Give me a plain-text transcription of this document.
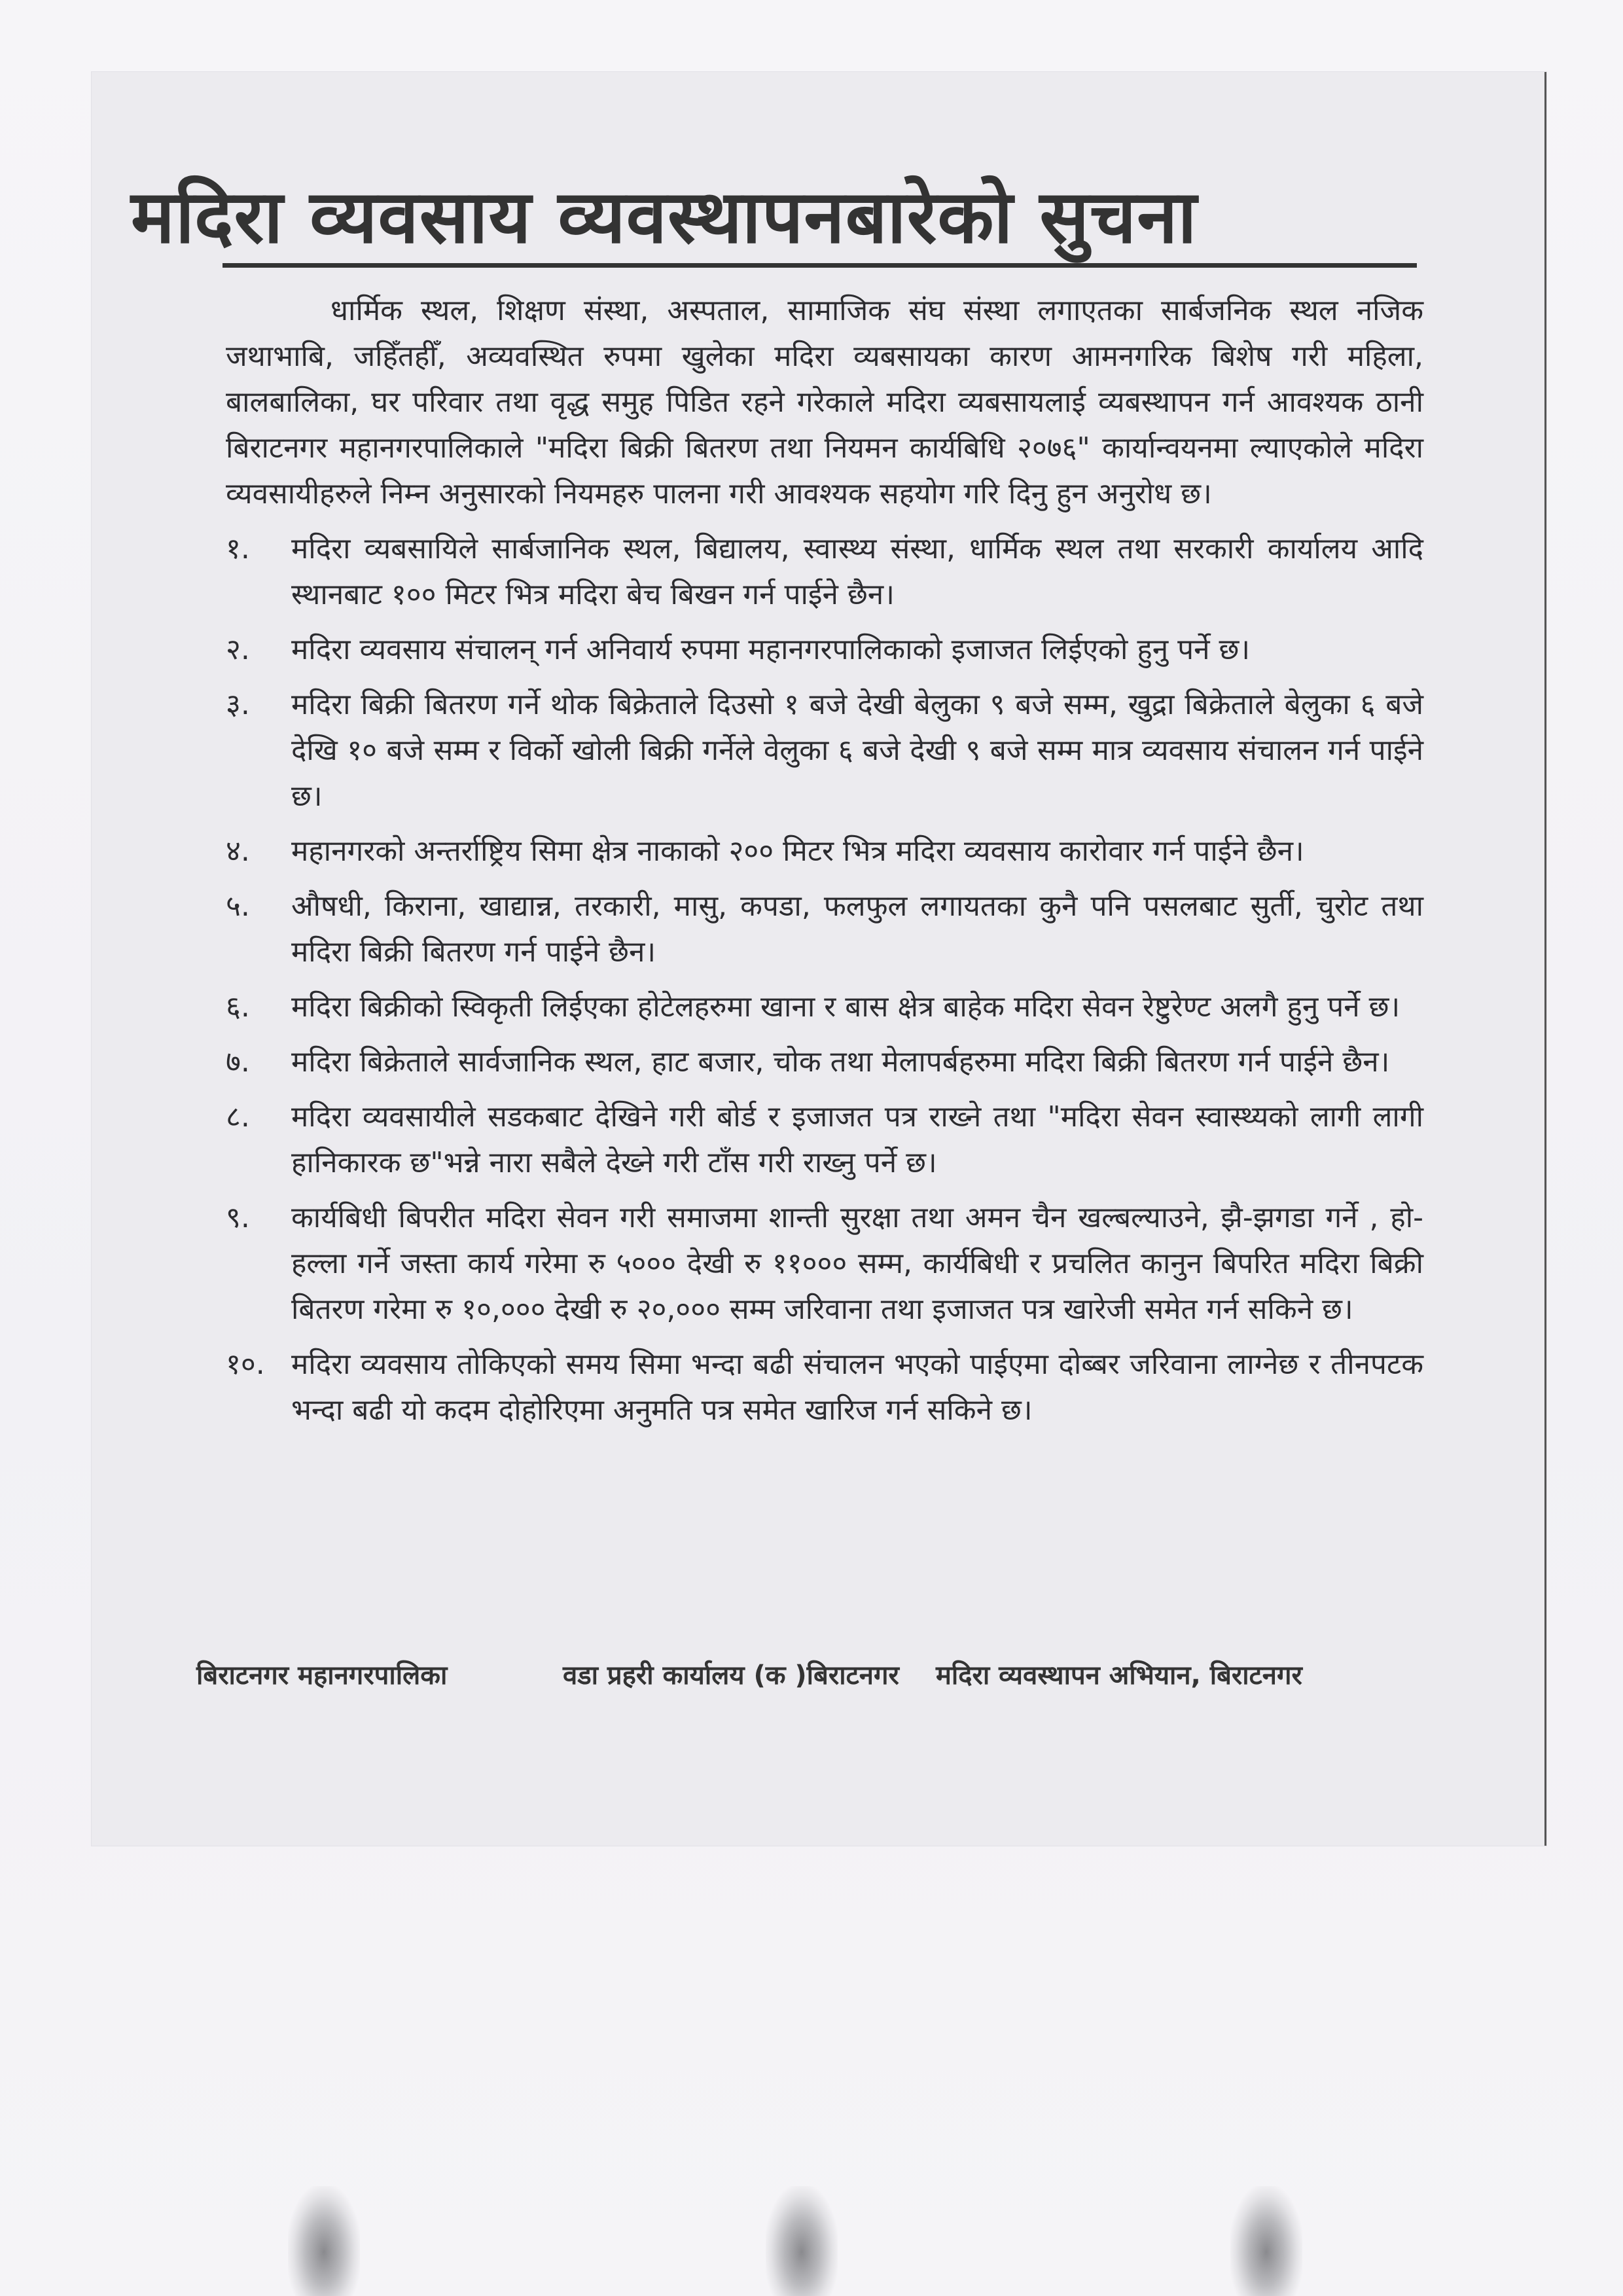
मदिरा व्यवसाय व्यवस्थापनबारेको सुचना

धार्मिक स्थल, शिक्षण संस्था, अस्पताल, सामाजिक संघ संस्था लगाएतका सार्बजनिक स्थल नजिक जथाभाबि, जहिँतहीँ, अव्यवस्थित रुपमा खुलेका मदिरा व्यबसायका कारण आमनगरिक बिशेष गरी महिला, बालबालिका, घर परिवार तथा वृद्ध समुह पिडित रहने गरेकाले मदिरा व्यबसायलाई व्यबस्थापन गर्न आवश्यक ठानी बिराटनगर महानगरपालिकाले "मदिरा बिक्री बितरण तथा नियमन कार्यबिधि २०७६" कार्यान्वयनमा ल्याएकोले मदिरा व्यवसायीहरुले निम्न अनुसारको नियमहरु पालना गरी आवश्यक सहयोग गरि दिनु हुन अनुरोध छ।

१.	मदिरा व्यबसायिले सार्बजानिक स्थल, बिद्यालय, स्वास्थ्य संस्था, धार्मिक स्थल तथा सरकारी कार्यालय आदि स्थानबाट १०० मिटर भित्र मदिरा बेच बिखन गर्न पाईने छैन।
२.	मदिरा व्यवसाय संचालन् गर्न अनिवार्य रुपमा महानगरपालिकाको इजाजत लिईएको हुनु पर्ने छ।
३.	मदिरा बिक्री बितरण गर्ने थोक बिक्रेताले दिउसो १ बजे देखी बेलुका ९ बजे सम्म, खुद्रा बिक्रेताले बेलुका ६ बजे देखि १० बजे सम्म र विर्को खोली बिक्री गर्नेले वेलुका ६ बजे देखी ९ बजे सम्म मात्र व्यवसाय संचालन गर्न पाईने छ।
४.	महानगरको अन्तर्राष्ट्रिय सिमा क्षेत्र नाकाको २०० मिटर भित्र मदिरा व्यवसाय कारोवार गर्न पाईने छैन।
५.	औषधी, किराना, खाद्यान्न, तरकारी, मासु, कपडा, फलफुल लगायतका कुनै पनि पसलबाट सुर्ती, चुरोट तथा मदिरा बिक्री बितरण गर्न पाईने छैन।
६.	मदिरा बिक्रीको स्विकृती लिईएका होटेलहरुमा खाना र बास क्षेत्र बाहेक मदिरा सेवन रेष्टुरेण्ट अलगै हुनु पर्ने छ।
७.	मदिरा बिक्रेताले सार्वजानिक स्थल, हाट बजार, चोक तथा मेलापर्बहरुमा मदिरा बिक्री बितरण गर्न पाईने छैन।
८.	मदिरा व्यवसायीले सडकबाट देखिने गरी बोर्ड र इजाजत पत्र राख्ने तथा "मदिरा सेवन स्वास्थ्यको लागी लागी हानिकारक छ"भन्ने नारा सबैले देख्ने गरी टाँस गरी राख्नु पर्ने छ।
९.	कार्यबिधी बिपरीत मदिरा सेवन गरी समाजमा शान्ती सुरक्षा तथा अमन चैन खल्बल्याउने, झै-झगडा गर्ने , हो-हल्ला गर्ने जस्ता कार्य गरेमा रु ५००० देखी रु ११००० सम्म, कार्यबिधी र प्रचलित कानुन बिपरित मदिरा बिक्री बितरण गरेमा रु १०,००० देखी रु २०,००० सम्म जरिवाना तथा इजाजत पत्र खारेजी समेत गर्न सकिने छ।
१०. मदिरा व्यवसाय तोकिएको समय सिमा भन्दा बढी संचालन भएको पाईएमा दोब्बर जरिवाना लाग्नेछ र तीनपटक भन्दा बढी यो कदम दोहोरिएमा अनुमति पत्र समेत खारिज गर्न सकिने छ।
बिराटनगर महानगरपालिका	वडा प्रहरी कार्यालय (क )बिराटनगर मदिरा व्यवस्थापन अभियान, बिराटनगर
